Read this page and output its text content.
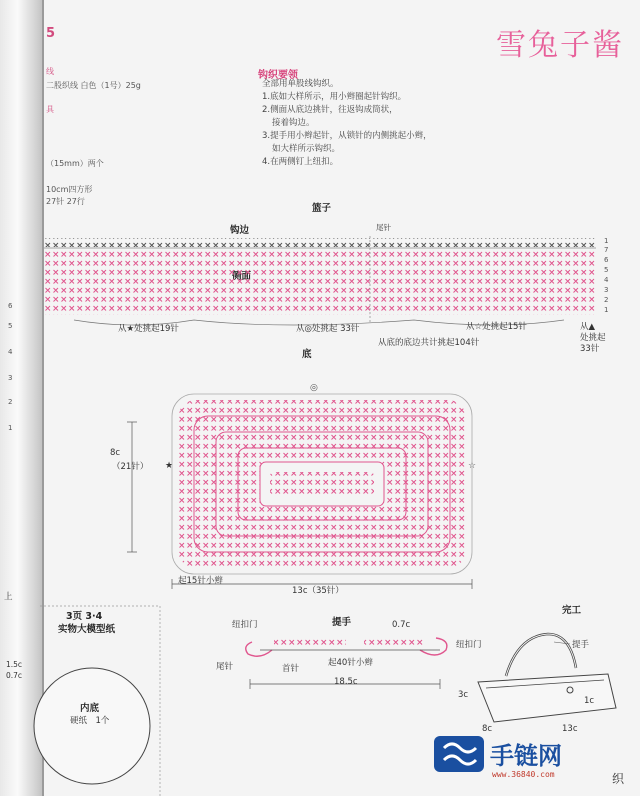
5
线
二股织线 白色（1号）25g
具
（15mm）两个
10cm四方形
27针 27行
6
5
4
3
2
1
雪兔子酱
钩织要领
全部用单股线钩织。
1.底如大样所示，用小辫圈起针钩织。
2.侧面从底边挑针，往返钩成筒状，
接着钩边。
3.提手用小辫起针，从锁针的内侧挑起小辫，
如大样所示钩织。
4.在两侧钉上纽扣。
篮子
钩边	尾针
1
7
6
5
4
3
2
1
从★处挑起19针	从◎处挑起 33针	从☆处挑起15针	从▲
处挑起
33针
从底的底边共计挑起104针
底
★	☆
◎
8c
（21针）
起15针小辫
13c（35针）
3页 3·4
实物大模型纸
内底
硬纸　1个
1.5c
0.7c
上
提手
纽扣门
纽扣门
0.7c
尾针	首针
起40针小辫
18.5c
完工
提手
3c
1c
8c	13c
手链网
www.36840.com	织
